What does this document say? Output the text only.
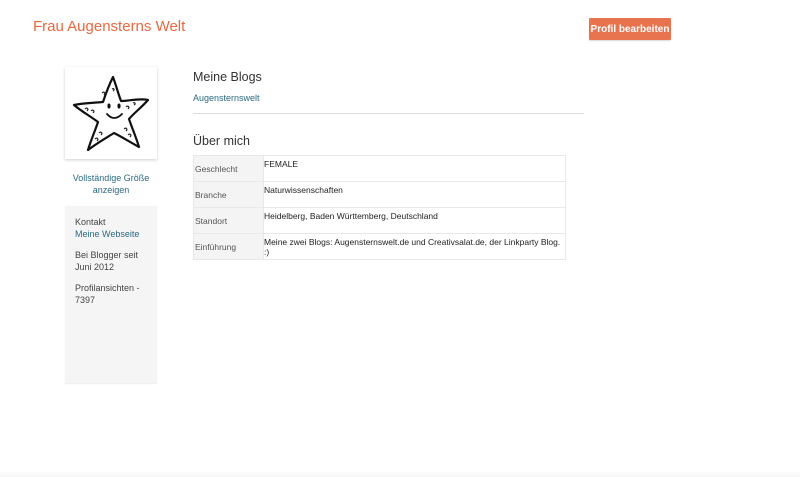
Frau Augensterns Welt	Profil bearbeiten
Vollständige Größe anzeigen
Kontakt
Meine Webseite
Bei Blogger seit Juni 2012
Profilansichten - 7397
Meine Blogs
Augensternswelt
Über mich
Geschlecht	FEMALE
Branche	Naturwissenschaften
Standort	Heidelberg, Baden Württemberg, Deutschland
Einführung	Meine zwei Blogs: Augensternswelt.de und Creativsalat.de, der Linkparty Blog. :)
